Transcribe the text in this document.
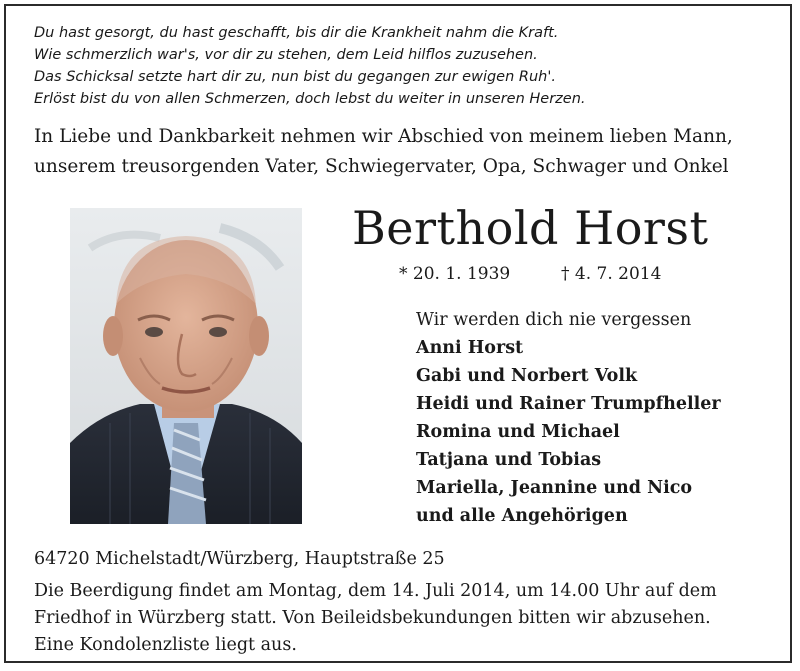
Du hast gesorgt, du hast geschafft, bis dir die Krankheit nahm die Kraft.
Wie schmerzlich war's, vor dir zu stehen, dem Leid hilflos zuzusehen.
Das Schicksal setzte hart dir zu, nun bist du gegangen zur ewigen Ruh'.
Erlöst bist du von allen Schmerzen, doch lebst du weiter in unseren Herzen.
In Liebe und Dankbarkeit nehmen wir Abschied von meinem lieben Mann,
unserem treusorgenden Vater, Schwiegervater, Opa, Schwager und Onkel
Berthold Horst
* 20. 1. 1939	† 4. 7. 2014
Wir werden dich nie vergessen
Anni Horst
Gabi und Norbert Volk
Heidi und Rainer Trumpfheller
Romina und Michael
Tatjana und Tobias
Mariella, Jeannine und Nico
und alle Angehörigen
64720 Michelstadt/Würzberg, Hauptstraße 25
Die Beerdigung findet am Montag, dem 14. Juli 2014, um 14.00 Uhr auf dem
Friedhof in Würzberg statt. Von Beileidsbekundungen bitten wir abzusehen.
Eine Kondolenzliste liegt aus.
